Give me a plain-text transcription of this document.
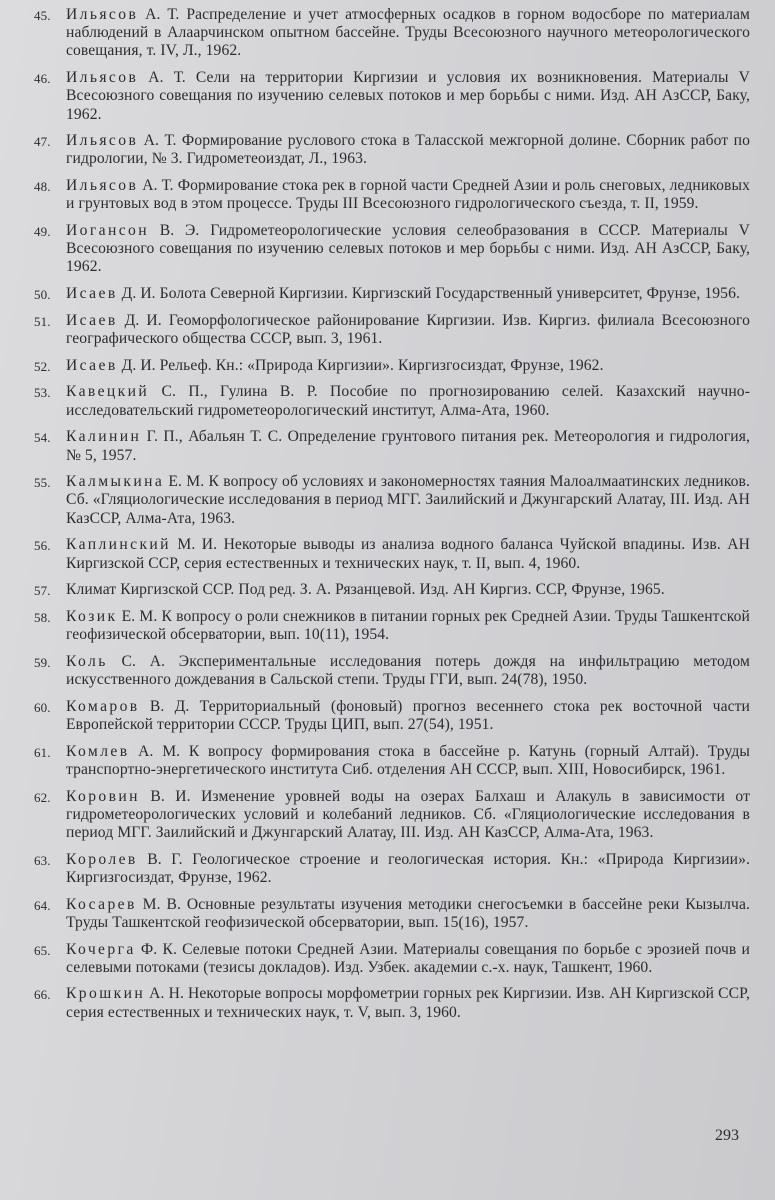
45. Ильясов А. Т. Распределение и учет атмосферных осадков в горном водосборе по материалам наблюдений в Алаарчинском опытном бассейне. Труды Всесоюзного научного метеорологического совещания, т. IV, Л., 1962.
46. Ильясов А. Т. Сели на территории Киргизии и условия их возникновения. Материалы V Всесоюзного совещания по изучению селевых потоков и мер борьбы с ними. Изд. АН АзССР, Баку, 1962.
47. Ильясов А. Т. Формирование руслового стока в Таласской межгорной долине. Сборник работ по гидрологии, № 3. Гидрометеоиздат, Л., 1963.
48. Ильясов А. Т. Формирование стока рек в горной части Средней Азии и роль снеговых, ледниковых и грунтовых вод в этом процессе. Труды III Всесоюзного гидрологического съезда, т. II, 1959.
49. Иогансон В. Э. Гидрометеорологические условия селеобразования в СССР. Материалы V Всесоюзного совещания по изучению селевых потоков и мер борьбы с ними. Изд. АН АзССР, Баку, 1962.
50. Исаев Д. И. Болота Северной Киргизии. Киргизский Государственный университет, Фрунзе, 1956.
51. Исаев Д. И. Геоморфологическое районирование Киргизии. Изв. Киргиз. филиала Всесоюзного географического общества СССР, вып. 3, 1961.
52. Исаев Д. И. Рельеф. Кн.: «Природа Киргизии». Киргизгосиздат, Фрунзе, 1962.
53. Кавецкий С. П., Гулина В. Р. Пособие по прогнозированию селей. Казахский научно-исследовательский гидрометеорологический институт, Алма-Ата, 1960.
54. Калинин Г. П., Абальян Т. С. Определение грунтового питания рек. Метеорология и гидрология, № 5, 1957.
55. Калмыкина Е. М. К вопросу об условиях и закономерностях таяния Малоалмаатинских ледников. Сб. «Гляциологические исследования в период МГГ. Заилийский и Джунгарский Алатау, III. Изд. АН КазССР, Алма-Ата, 1963.
56. Каплинский М. И. Некоторые выводы из анализа водного баланса Чуйской впадины. Изв. АН Киргизской ССР, серия естественных и технических наук, т. II, вып. 4, 1960.
57. Климат Киргизской ССР. Под ред. З. А. Рязанцевой. Изд. АН Киргиз. ССР, Фрунзе, 1965.
58. Козик Е. М. К вопросу о роли снежников в питании горных рек Средней Азии. Труды Ташкентской геофизической обсерватории, вып. 10(11), 1954.
59. Коль С. А. Экспериментальные исследования потерь дождя на инфильтрацию методом искусственного дождевания в Сальской степи. Труды ГГИ, вып. 24(78), 1950.
60. Комаров В. Д. Территориальный (фоновый) прогноз весеннего стока рек восточной части Европейской территории СССР. Труды ЦИП, вып. 27(54), 1951.
61. Комлев А. М. К вопросу формирования стока в бассейне р. Катунь (горный Алтай). Труды транспортно-энергетического института Сиб. отделения АН СССР, вып. XIII, Новосибирск, 1961.
62. Коровин В. И. Изменение уровней воды на озерах Балхаш и Алакуль в зависимости от гидрометеорологических условий и колебаний ледников. Сб. «Гляциологические исследования в период МГГ. Заилийский и Джунгарский Алатау, III. Изд. АН КазССР, Алма-Ата, 1963.
63. Королев В. Г. Геологическое строение и геологическая история. Кн.: «Природа Киргизии». Киргизгосиздат, Фрунзе, 1962.
64. Косарев М. В. Основные результаты изучения методики снегосъемки в бассейне реки Кызылча. Труды Ташкентской геофизической обсерватории, вып. 15(16), 1957.
65. Кочерга Ф. К. Селевые потоки Средней Азии. Материалы совещания по борьбе с эрозией почв и селевыми потоками (тезисы докладов). Изд. Узбек. академии с.-х. наук, Ташкент, 1960.
66. Крошкин А. Н. Некоторые вопросы морфометрии горных рек Киргизии. Изв. АН Киргизской ССР, серия естественных и технических наук, т. V, вып. 3, 1960.
293
